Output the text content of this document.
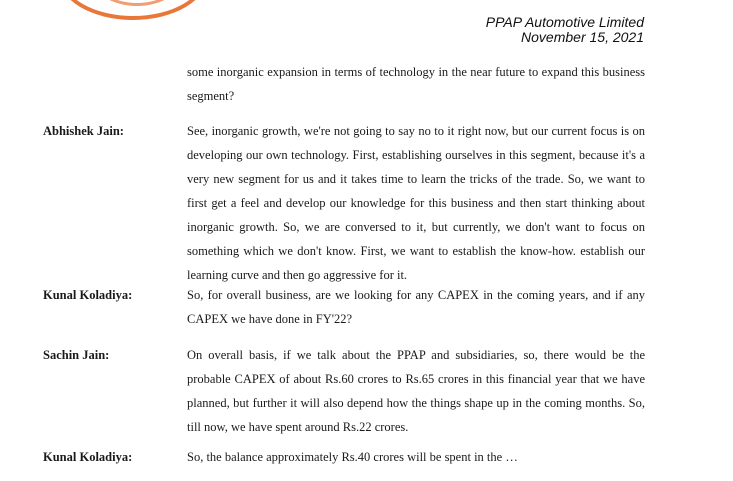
PPAP Automotive Limited
November 15, 2021
some inorganic expansion in terms of technology in the near future to expand this business segment?
Abhishek Jain:	See, inorganic growth, we're not going to say no to it right now, but our current focus is on developing our own technology. First, establishing ourselves in this segment, because it's a very new segment for us and it takes time to learn the tricks of the trade. So, we want to first get a feel and develop our knowledge for this business and then start thinking about inorganic growth. So, we are conversed to it, but currently, we don't want to focus on something which we don't know. First, we want to establish the know-how. establish our learning curve and then go aggressive for it.
Kunal Koladiya:	So, for overall business, are we looking for any CAPEX in the coming years, and if any CAPEX we have done in FY'22?
Sachin Jain:	On overall basis, if we talk about the PPAP and subsidiaries, so, there would be the probable CAPEX of about Rs.60 crores to Rs.65 crores in this financial year that we have planned, but further it will also depend how the things shape up in the coming months. So, till now, we have spent around Rs.22 crores.
Kunal Koladiya:	So, the balance approximately Rs.40 crores will be spent in the …
